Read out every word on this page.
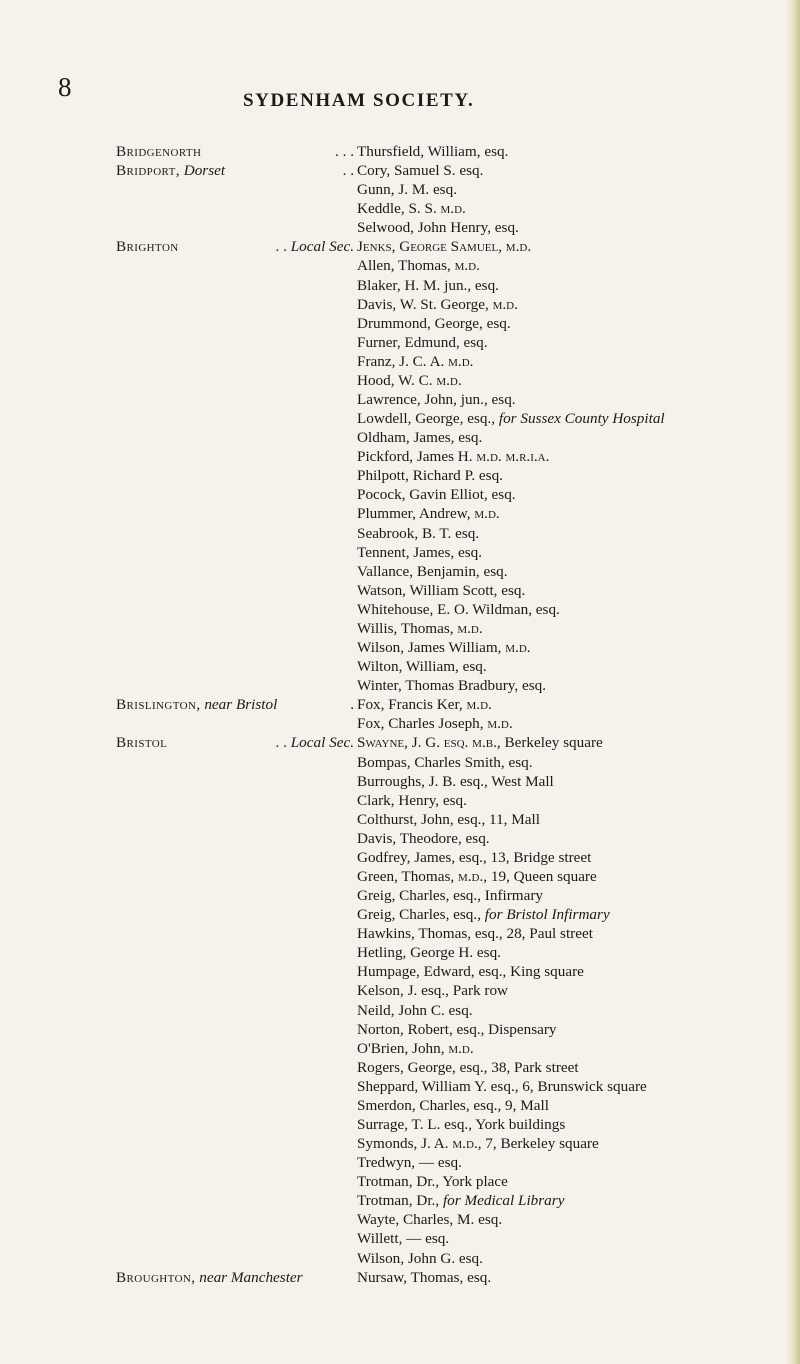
8	SYDENHAM SOCIETY.
Bridgenorth	. . . Thursfield, William, esq.
Bridport, Dorset	. . Cory, Samuel S. esq.
Gunn, J. M. esq.
Keddle, S. S. m.d.
Selwood, John Henry, esq.
Brighton	. . Local Sec. Jenks, George Samuel, m.d.
Allen, Thomas, m.d.
Blaker, H. M. jun., esq.
Davis, W. St. George, m.d.
Drummond, George, esq.
Furner, Edmund, esq.
Franz, J. C. A. m.d.
Hood, W. C. m.d.
Lawrence, John, jun., esq.
Lowdell, George, esq., for Sussex County Hospital
Oldham, James, esq.
Pickford, James H. m.d. m.r.i.a.
Philpott, Richard P. esq.
Pocock, Gavin Elliot, esq.
Plummer, Andrew, m.d.
Seabrook, B. T. esq.
Tennent, James, esq.
Vallance, Benjamin, esq.
Watson, William Scott, esq.
Whitehouse, E. O. Wildman, esq.
Willis, Thomas, m.d.
Wilson, James William, m.d.
Wilton, William, esq.
Winter, Thomas Bradbury, esq.
Brislington, near Bristol	. Fox, Francis Ker, m.d.
Fox, Charles Joseph, m.d.
Bristol	. . Local Sec. Swayne, J. G. esq. m.b., Berkeley square
Bompas, Charles Smith, esq.
Burroughs, J. B. esq., West Mall
Clark, Henry, esq.
Colthurst, John, esq., 11, Mall
Davis, Theodore, esq.
Godfrey, James, esq., 13, Bridge street
Green, Thomas, m.d., 19, Queen square
Greig, Charles, esq., Infirmary
Greig, Charles, esq., for Bristol Infirmary
Hawkins, Thomas, esq., 28, Paul street
Hetling, George H. esq.
Humpage, Edward, esq., King square
Kelson, J. esq., Park row
Neild, John C. esq.
Norton, Robert, esq., Dispensary
O'Brien, John, m.d.
Rogers, George, esq., 38, Park street
Sheppard, William Y. esq., 6, Brunswick square
Smerdon, Charles, esq., 9, Mall
Surrage, T. L. esq., York buildings
Symonds, J. A. m.d., 7, Berkeley square
Tredwyn, — esq.
Trotman, Dr., York place
Trotman, Dr., for Medical Library
Wayte, Charles, M. esq.
Willett, — esq.
Wilson, John G. esq.
Broughton, near Manchester	Nursaw, Thomas, esq.
